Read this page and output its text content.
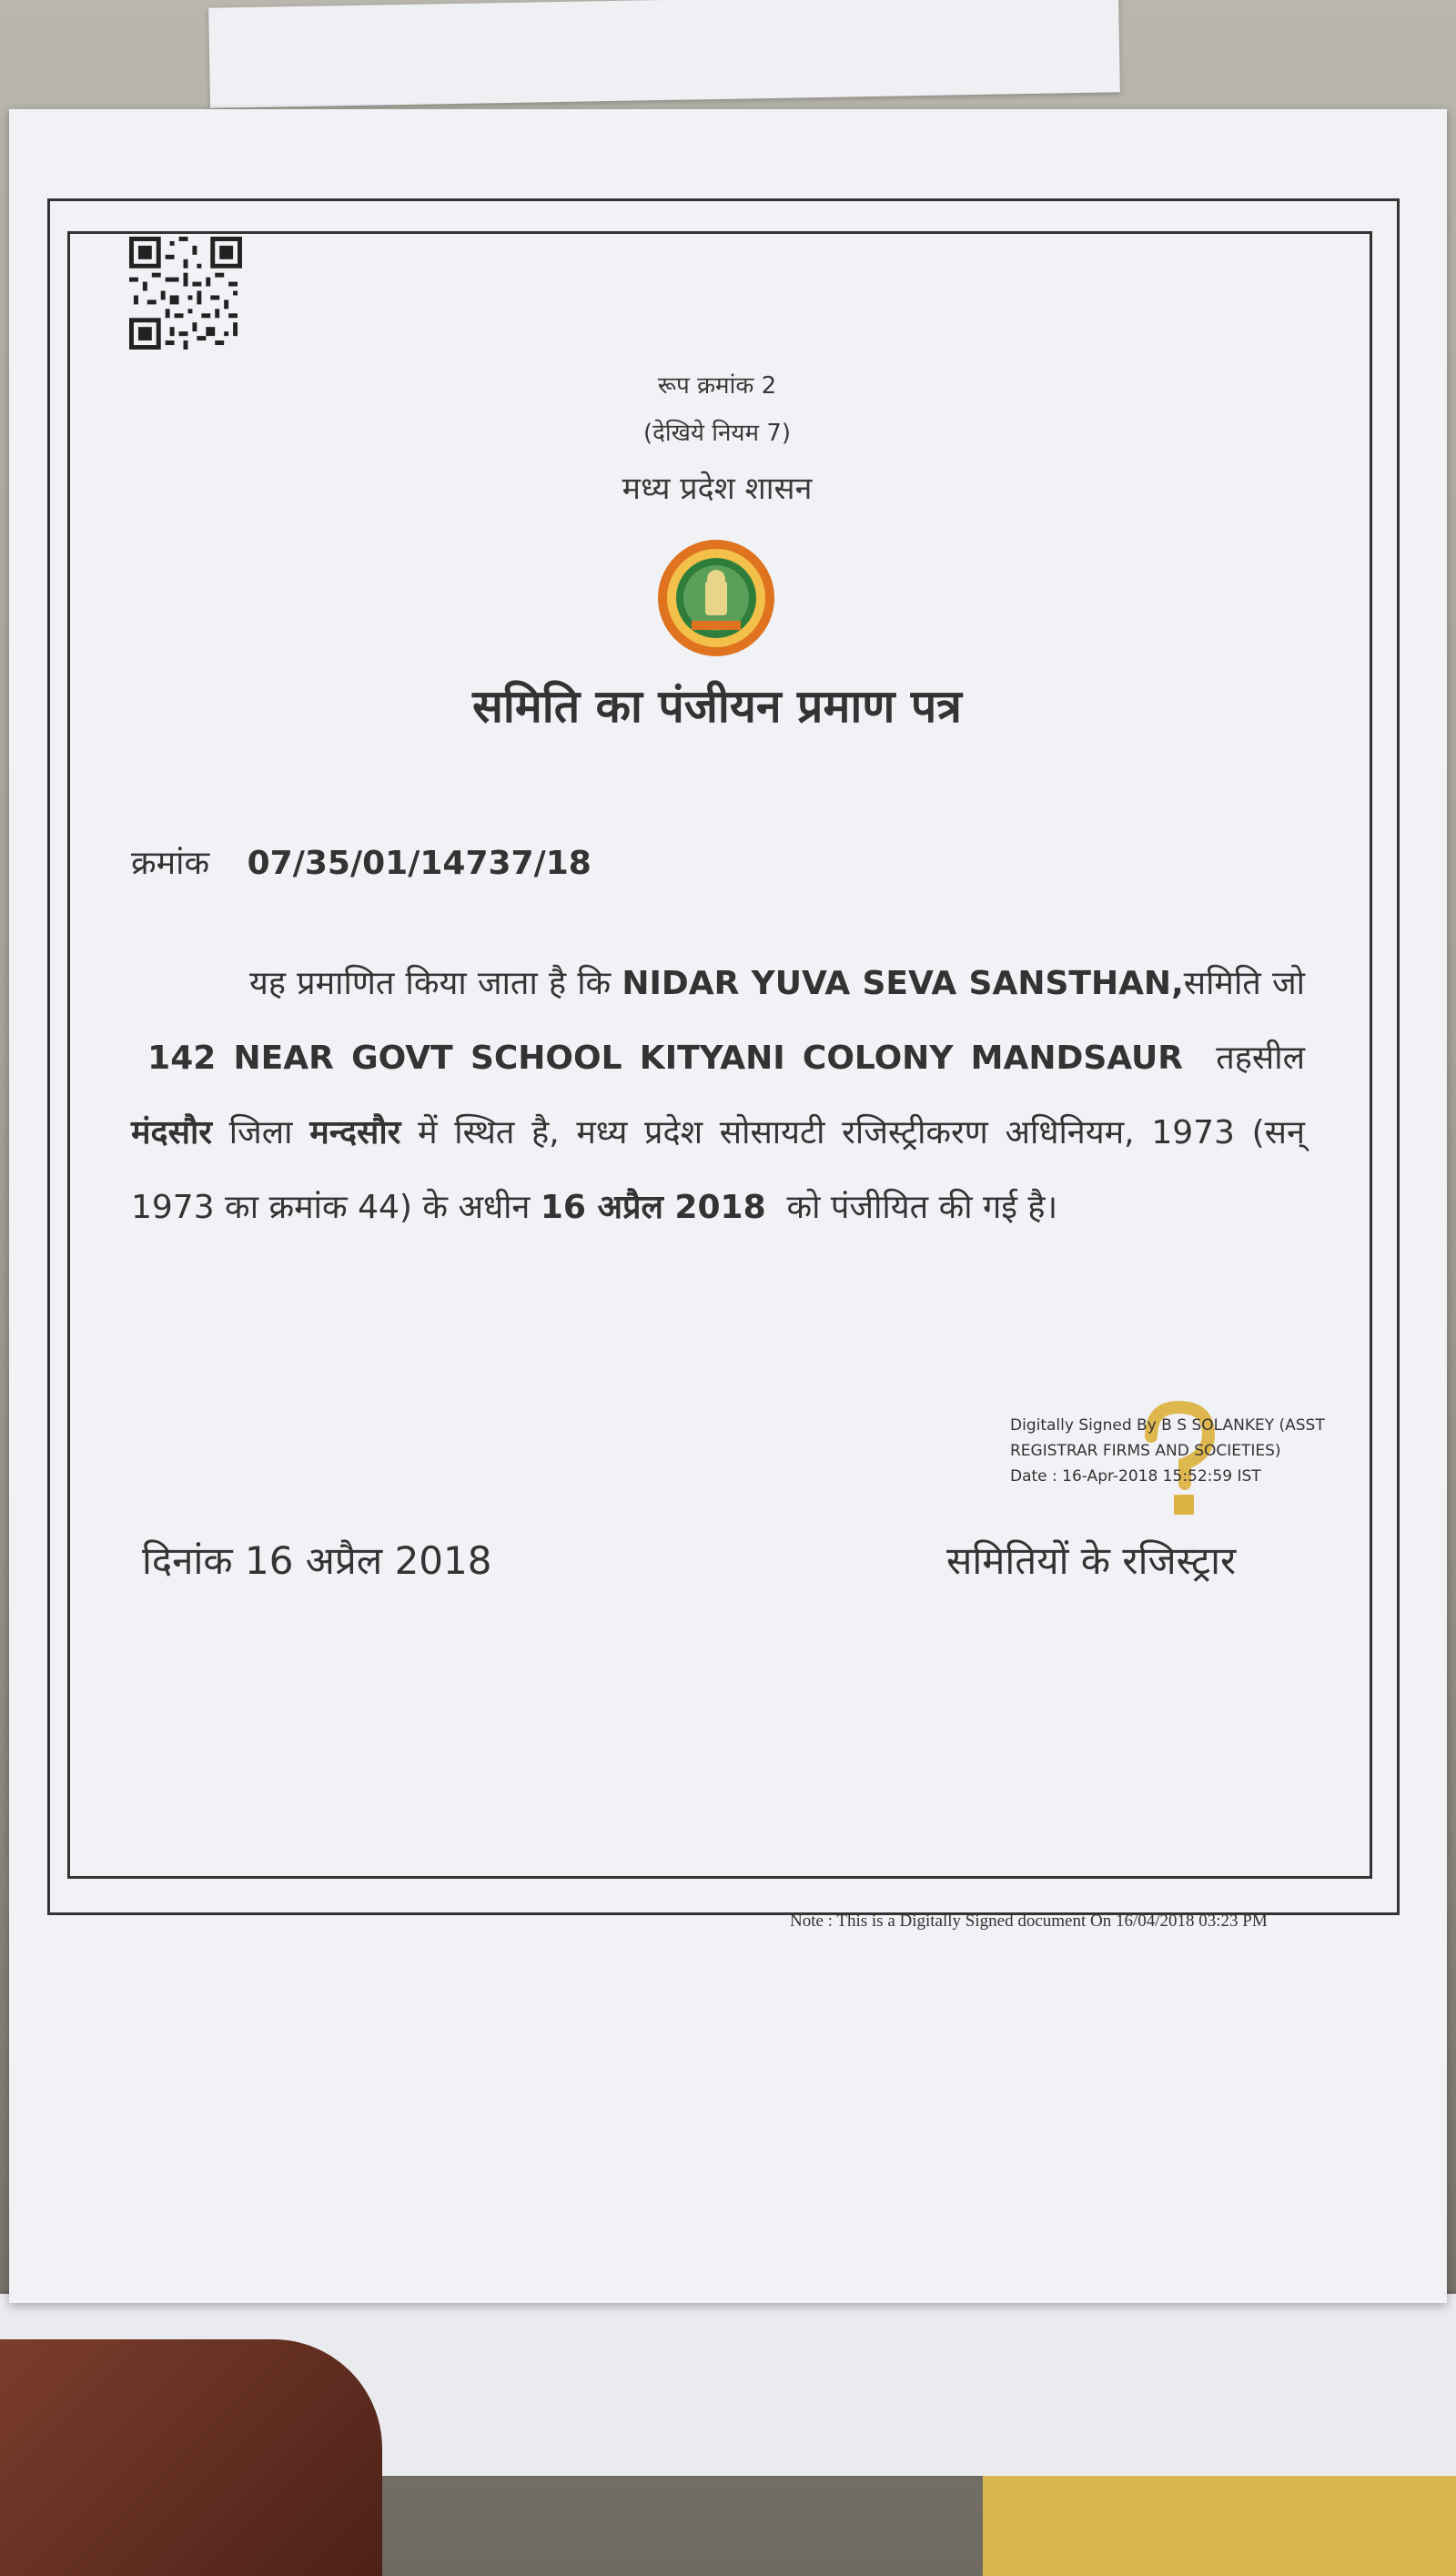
रूप क्रमांक 2
(देखिये नियम 7)
मध्य प्रदेश शासन
समिति का पंजीयन प्रमाण पत्र
क्रमांक 07/35/01/14737/18
यह प्रमाणित किया जाता है कि NIDAR YUVA SEVA SANSTHAN,समिति जो  142 NEAR GOVT SCHOOL KITYANI COLONY MANDSAUR तहसील मंदसौर जिला मन्दसौर में स्थित है, मध्य प्रदेश सोसायटी रजिस्ट्रीकरण अधिनियम, 1973 (सन् 1973 का क्रमांक 44) के अधीन 16 अप्रैल 2018 को पंजीयित की गई है।
Digitally Signed By B S SOLANKEY (ASST
REGISTRAR FIRMS AND SOCIETIES)
Date : 16-Apr-2018 15:52:59 IST
दिनांक 16 अप्रैल 2018	समितियों के रजिस्ट्रार
Note : This is a Digitally Signed document On 16/04/2018 03:23 PM
